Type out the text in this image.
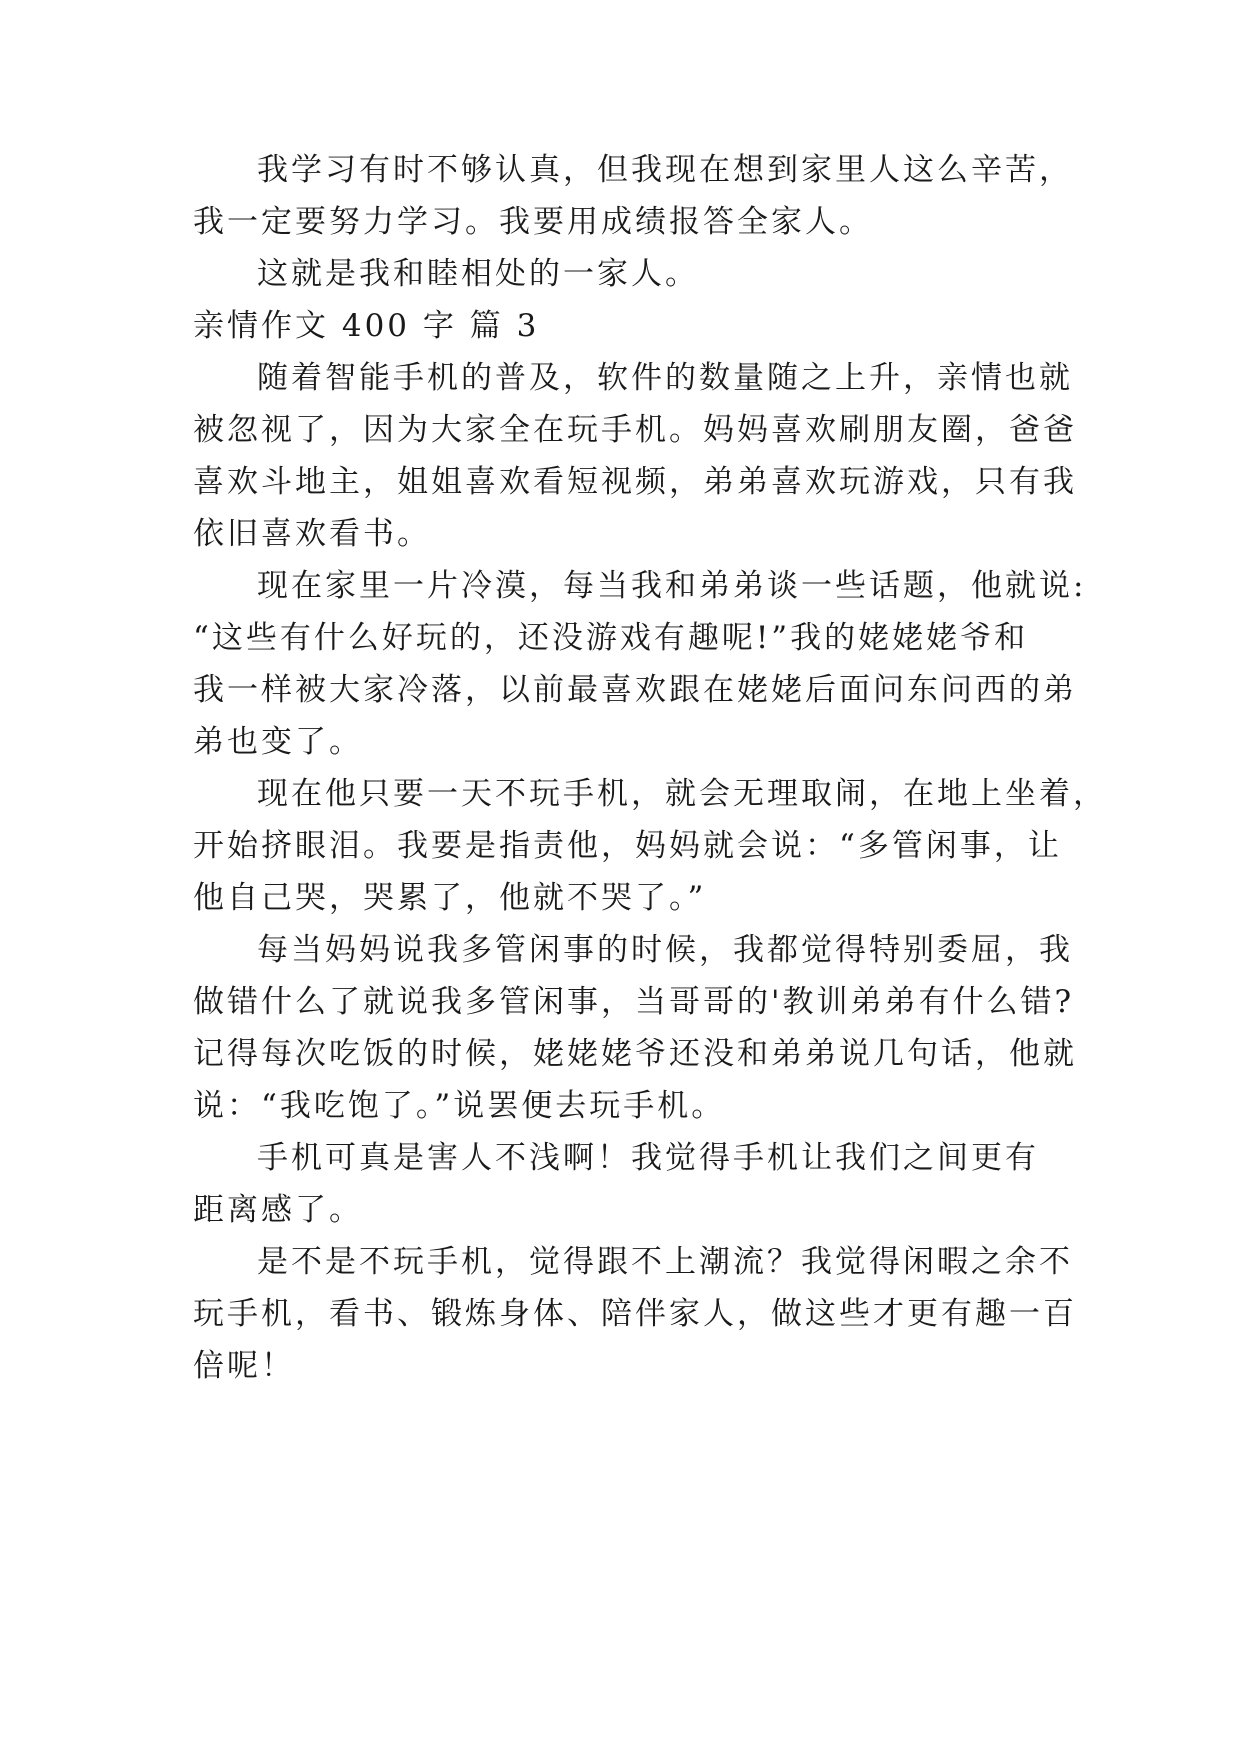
我学习有时不够认真，但我现在想到家里人这么辛苦，
我一定要努力学习。我要用成绩报答全家人。
这就是我和睦相处的一家人。
亲情作文 400 字 篇 3
随着智能手机的普及，软件的数量随之上升，亲情也就
被忽视了，因为大家全在玩手机。妈妈喜欢刷朋友圈，爸爸
喜欢斗地主，姐姐喜欢看短视频，弟弟喜欢玩游戏，只有我
依旧喜欢看书。
现在家里一片冷漠，每当我和弟弟谈一些话题，他就说:
“这些有什么好玩的，还没游戏有趣呢!”我的姥姥姥爷和
我一样被大家冷落，以前最喜欢跟在姥姥后面问东问西的弟
弟也变了。
现在他只要一天不玩手机，就会无理取闹，在地上坐着，
开始挤眼泪。我要是指责他，妈妈就会说：“多管闲事，让
他自己哭，哭累了，他就不哭了。”
每当妈妈说我多管闲事的时候，我都觉得特别委屈，我
做错什么了就说我多管闲事，当哥哥的'教训弟弟有什么错?
记得每次吃饭的时候，姥姥姥爷还没和弟弟说几句话，他就
说：“我吃饱了。”说罢便去玩手机。
手机可真是害人不浅啊！我觉得手机让我们之间更有
距离感了。
是不是不玩手机，觉得跟不上潮流？我觉得闲暇之余不
玩手机，看书、锻炼身体、陪伴家人，做这些才更有趣一百
倍呢！
